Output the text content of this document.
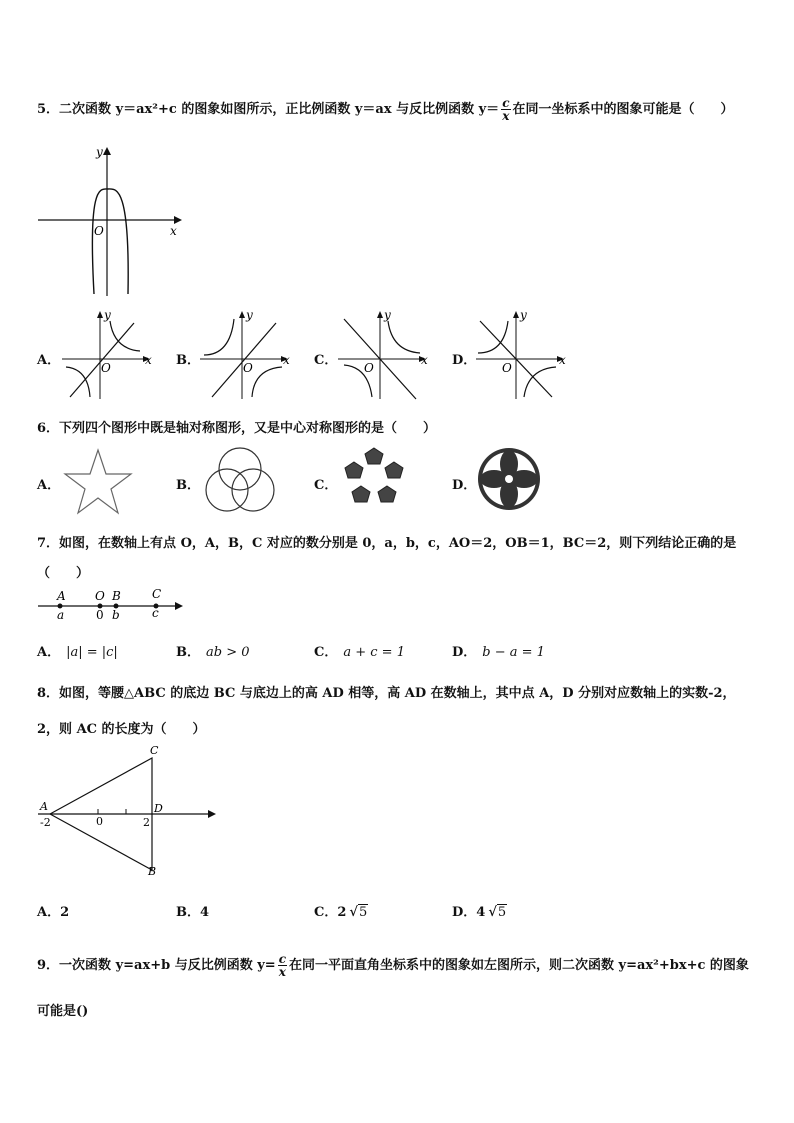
5．二次函数 y＝ax²+c 的图象如图所示，正比例函数 y＝ax 与反比例函数 $y= \frac{c}{x}$ 在同一坐标系中的图象可能是（　　）
y
x
O
A．
y
x
O	B．
y
x
O	C．
y
x
O	D．
y
x
O
6．下列四个图形中既是轴对称图形，又是中心对称图形的是（　　）
A．	B．	C．	D．
7．如图，在数轴上有点 O，A，B，C 对应的数分别是 0，a，b，c，AO＝2，OB＝1，BC＝2，则下列结论正确的是
（　　）
A
a
O
0
B
b
C
c
A． |a| = |c|	B． ab > 0	C． a + c = 1	D． b − a = 1
8．如图，等腰△ABC 的底边 BC 与底边上的高 AD 相等，高 AD 在数轴上，其中点 A，D 分别对应数轴上的实数-2，
2，则 AC 的长度为（　　）
A
C
D
B
-2	0	2
A．2	B．4	C．2 √5	D．4 √5
9．一次函数 y=ax+b 与反比例函数 $y= \frac{c}{x}$ 在同一平面直角坐标系中的图象如左图所示，则二次函数 y=ax²+bx+c 的图象
可能是()
